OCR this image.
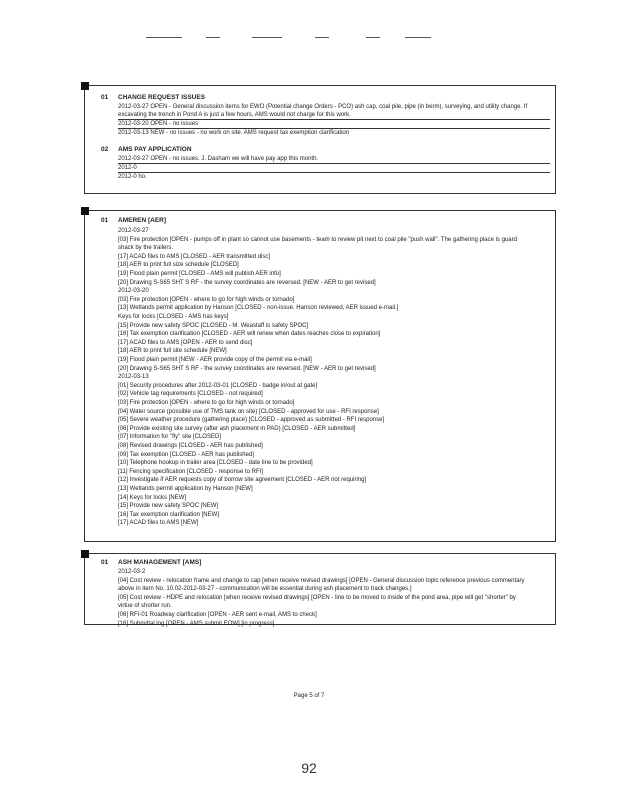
01 CHANGE REQUEST ISSUES
2012-03-27 OPEN - General discussion items for EWO (Potential change Orders - PCO) ash cap, coal pile, pipe (in berm), surveying, and utility change. If
excavating the trench in Pond A is just a few hours, AMS would not charge for this work.
2012-03-20 OPEN - no issues
2012-03-13 NEW - no issues - no work on site. AMS request tax exemption clarification
02 AMS PAY APPLICATION
2012-03-27 OPEN - no issues. J. Dasham we will have pay app this month.
2012-0
2012-0 ho.
01 AMEREN [AER]
2012-03-27
[03] Fire protection [OPEN - pumps off in plant so cannot use basements - team to review pit next to coal pile "push wall". The gathering place is guard
shack by the trailers.
[17] ACAD files to AMS [CLOSED - AER transmitted disc]
[18] AER to print full size schedule [CLOSED]
[19] Flood plain permit [CLOSED - AMS will publish AER info]
[20] Drawing S-S65 SHT S RF - the survey coordinates are reversed. [NEW - AER to get revised]
2012-03-20
[03] Fire protection [OPEN - where to go for high winds or tornado]
[13] Wetlands permit application by Hanson [CLOSED - non-issue. Hanson reviewed, AER issued e-mail.]
Keys for locks [CLOSED - AMS has keys]
[15] Provide new safety SPOC [CLOSED - M. Weastaff is safety SPOC]
[16] Tax exemption clarification [CLOSED - AER will renew when dates reaches close to expiration]
[17] ACAD files to AMS [OPEN - AER to send disc]
[18] AER to print full site schedule [NEW]
[19] Flood plain permit [NEW - AER provide copy of the permit via e-mail]
[20] Drawing S-S65 SHT S RF - the survey coordinates are reversed. [NEW - AER to get revised]
2012-03-13
[01] Security procedures after 2012-03-01 [CLOSED - badge in/out at gate]
[02] Vehicle tag requirements [CLOSED - not required]
[03] Fire protection [OPEN - where to go for high winds or tornado]
[04] Water source (possible use of TMS tank on site) [CLOSED - approved for use - RFI response]
[05] Severe weather procedure (gathering place) [CLOSED - approved as submitted - RFI response]
[06] Provide existing site survey (after ash placement in PAD) [CLOSED - AER submitted]
[07] Information for "fly" site [CLOSED]
[08] Revised drawings [CLOSED - AER has published]
[09] Tax exemption [CLOSED - AER has published]
[10] Telephone hookup in trailer area [CLOSED - date line to be provided]
[11] Fencing specification [CLOSED - response to RFI]
[12] Investigate if AER requests copy of borrow site agreement [CLOSED - AER not requiring]
[13] Wetlands permit application by Hanson [NEW]
[14] Keys for locks [NEW]
[15] Provide new safety SPOC [NEW]
[16] Tax exemption clarification [NEW]
[17] ACAD files to AMS [NEW]
01 ASH MANAGEMENT [AMS]
2012-03-2
[04] Cost review - relocation frame and change to cap [when receive revised drawings] [OPEN - General discussion topic reference previous commentary
above in item No. 10.02-2012-03-27 - communication will be essential during ash placement to track changes.]
[05] Cost review - HDPE and relocation [when receive revised drawings] [OPEN - line to be moved to inside of the pond area, pipe will get "shorter" by
virtue of shorter run.
[06] RFI-01 Roadway clarification [OPEN - AER sent e-mail, AMS to check]
[16] Submittal log [OPEN - AMS submit EOW] [in progress]
Page 5 of 7
92
